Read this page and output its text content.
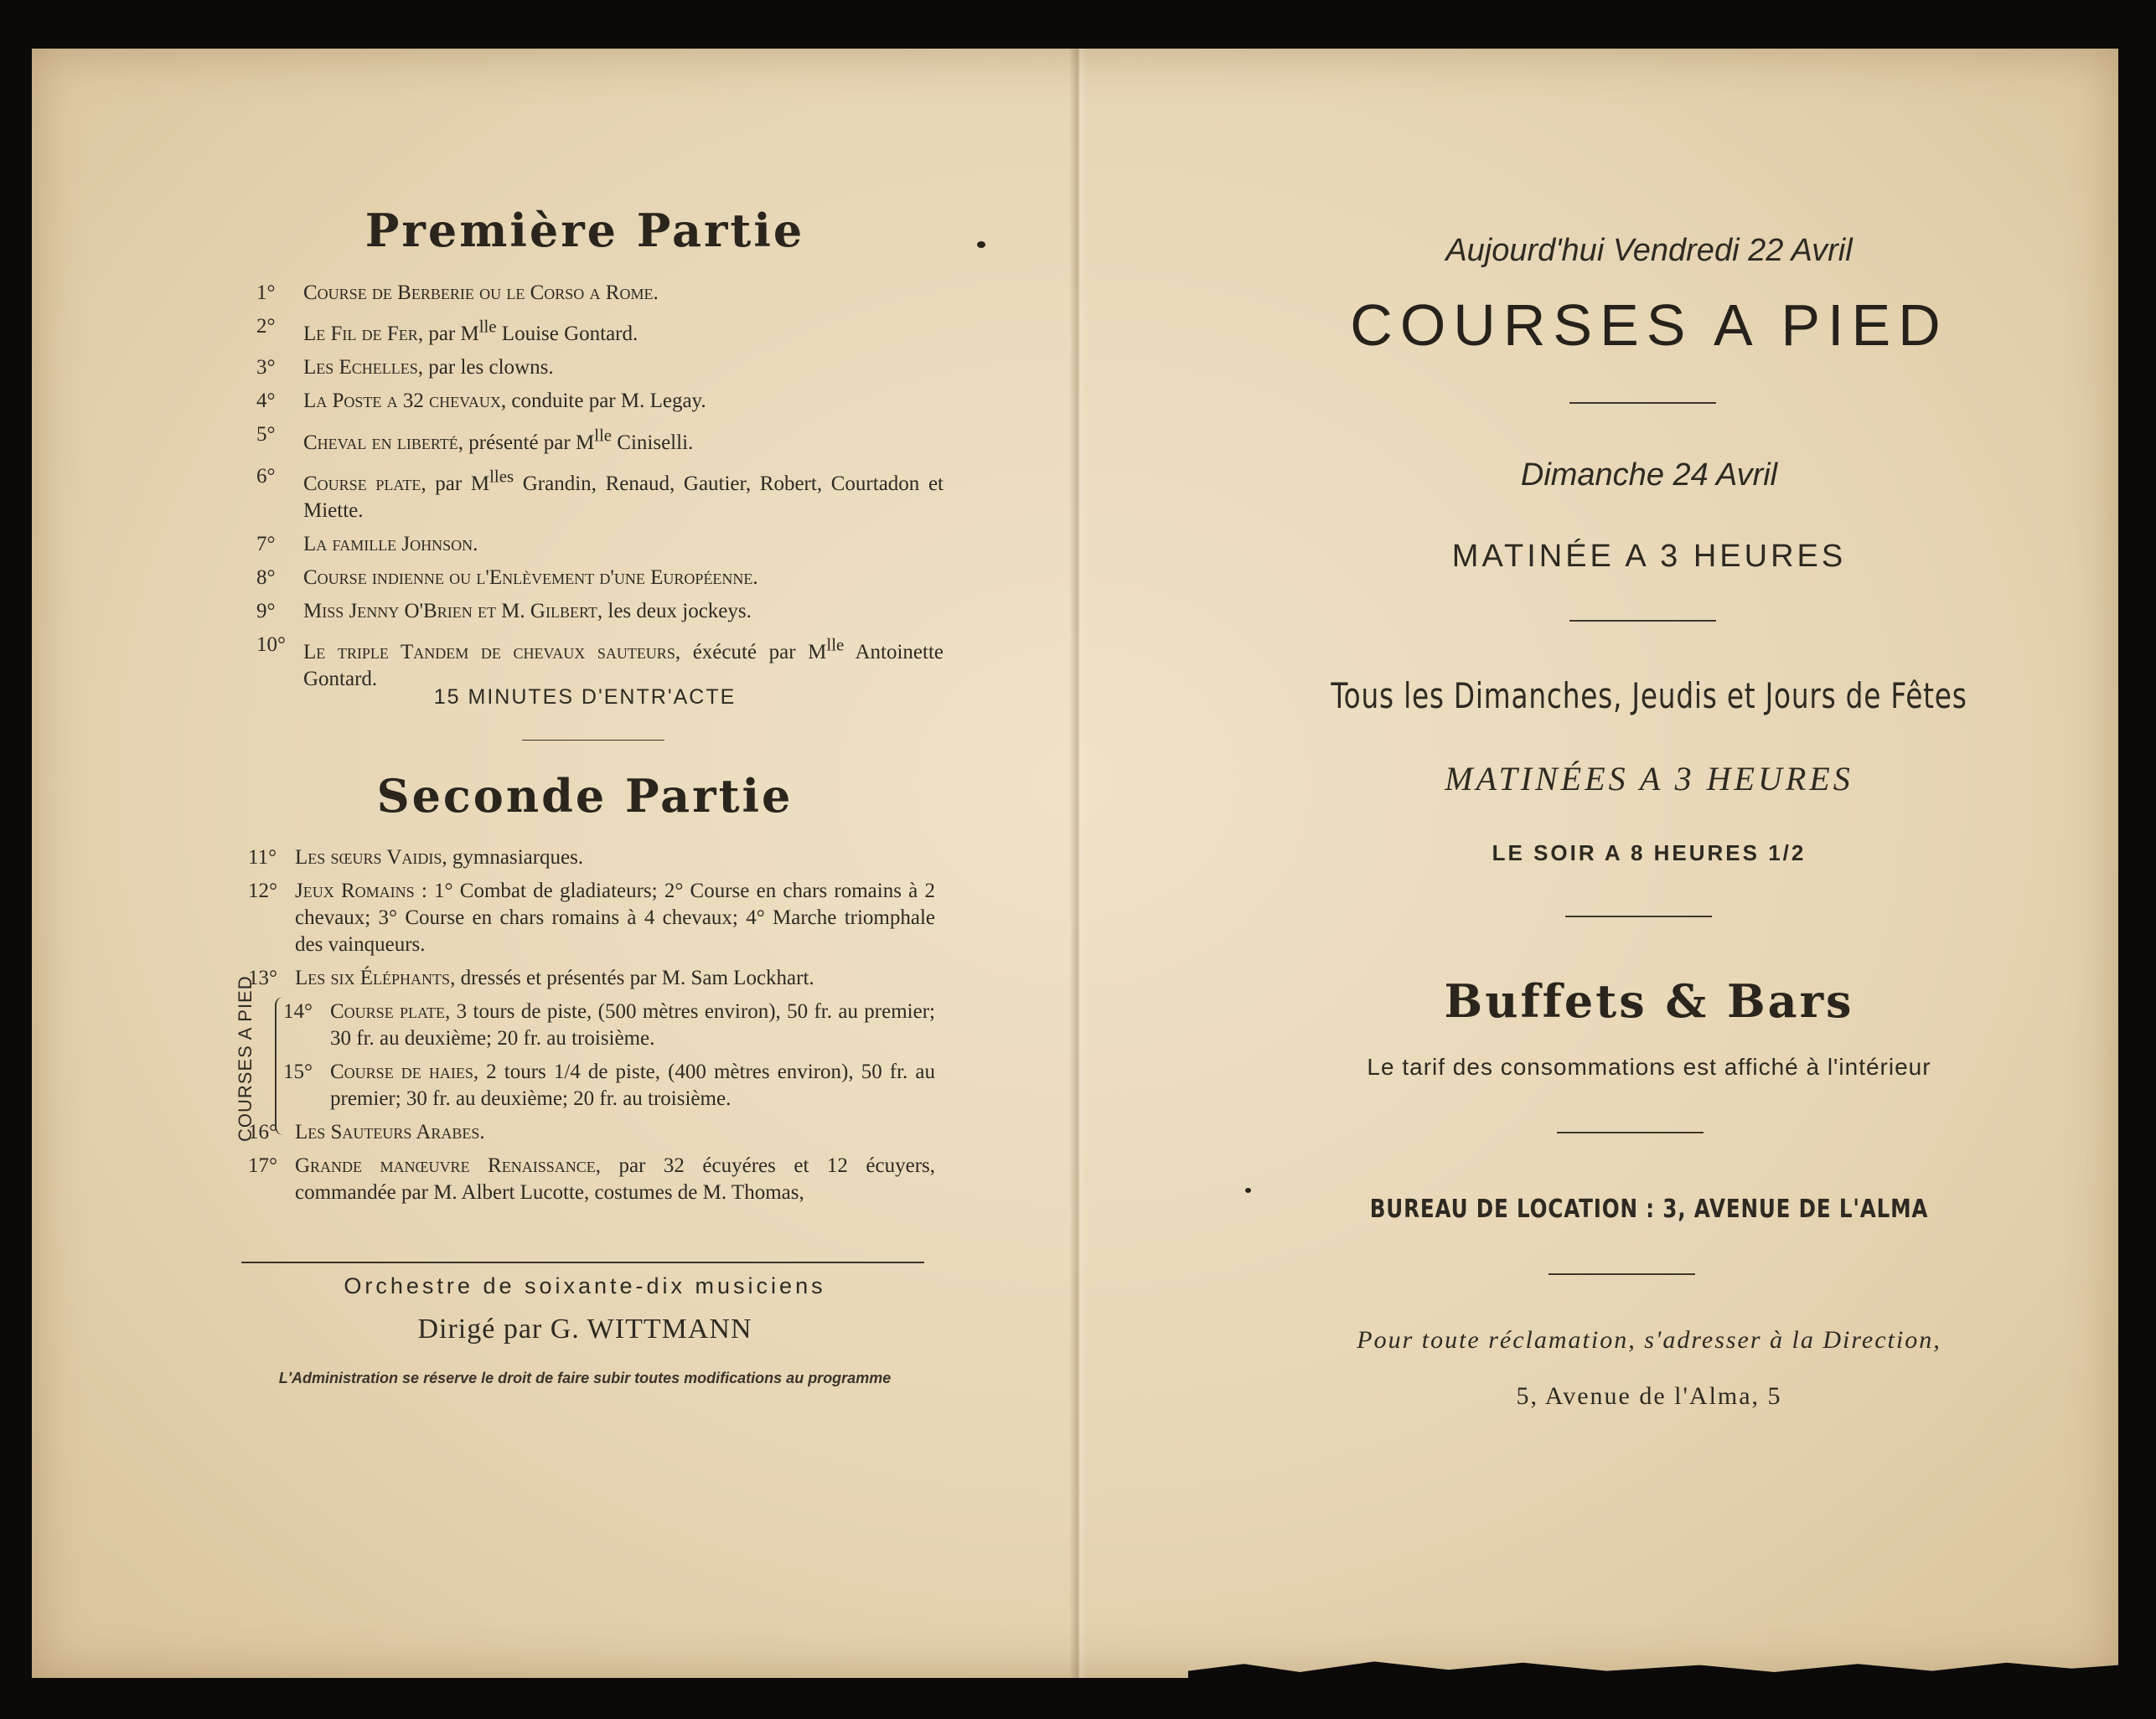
Première Partie
1° Course de Berberie ou le Corso a Rome.
2° Le Fil de Fer, par $M^{lle}$ Louise Gontard.
3° Les Echelles, par les clowns.
4° La Poste a 32 chevaux, conduite par M. Legay.
5° Cheval en liberté, présenté par $M^{lle}$ Ciniselli.
6° Course plate, par $M^{lles}$ Grandin, Renaud, Gautier, Robert, Courtadon et Miette.
7° La famille Johnson.
8° Course indienne ou l'Enlèvement d'une Européenne.
9° Miss Jenny O'Brien et M. Gilbert, les deux jockeys.
10° Le triple Tandem de chevaux sauteurs, éxécuté par $M^{lle}$ Antoinette Gontard.
15 MINUTES D'ENTR'ACTE
Seconde Partie
11° Les sœurs Vaidis, gymnasiarques.
12° Jeux Romains : 1° Combat de gladiateurs; 2° Course en chars romains à 2 chevaux; 3° Course en chars romains à 4 chevaux; 4° Marche triomphale des vainqueurs.
13° Les six Éléphants, dressés et présentés par M. Sam Lockhart.
14° Course plate, 3 tours de piste, (500 mètres environ), 50 fr. au premier; 30 fr. au deuxième; 20 fr. au troisième.
15° Course de haies, 2 tours 1/4 de piste, (400 mètres environ), 50 fr. au premier; 30 fr. au deuxième; 20 fr. au troisième.
16° Les Sauteurs Arabes.
17° Grande manœuvre Renaissance, par 32 écuyéres et 12 écuyers, commandée par M. Albert Lucotte, costumes de M. Thomas,
COURSES A PIED
Orchestre de soixante-dix musiciens
Dirigé par G. WITTMANN
L'Administration se réserve le droit de faire subir toutes modifications au programme
Aujourd'hui Vendredi 22 Avril
COURSES A PIED
Dimanche 24 Avril
MATINÉE A 3 HEURES
Tous les Dimanches, Jeudis et Jours de Fêtes
MATINÉES A 3 HEURES
LE SOIR A 8 HEURES 1/2
Buffets & Bars
Le tarif des consommations est affiché à l'intérieur
BUREAU DE LOCATION : 3, AVENUE DE L'ALMA
Pour toute réclamation, s'adresser à la Direction,
5, Avenue de l'Alma, 5
